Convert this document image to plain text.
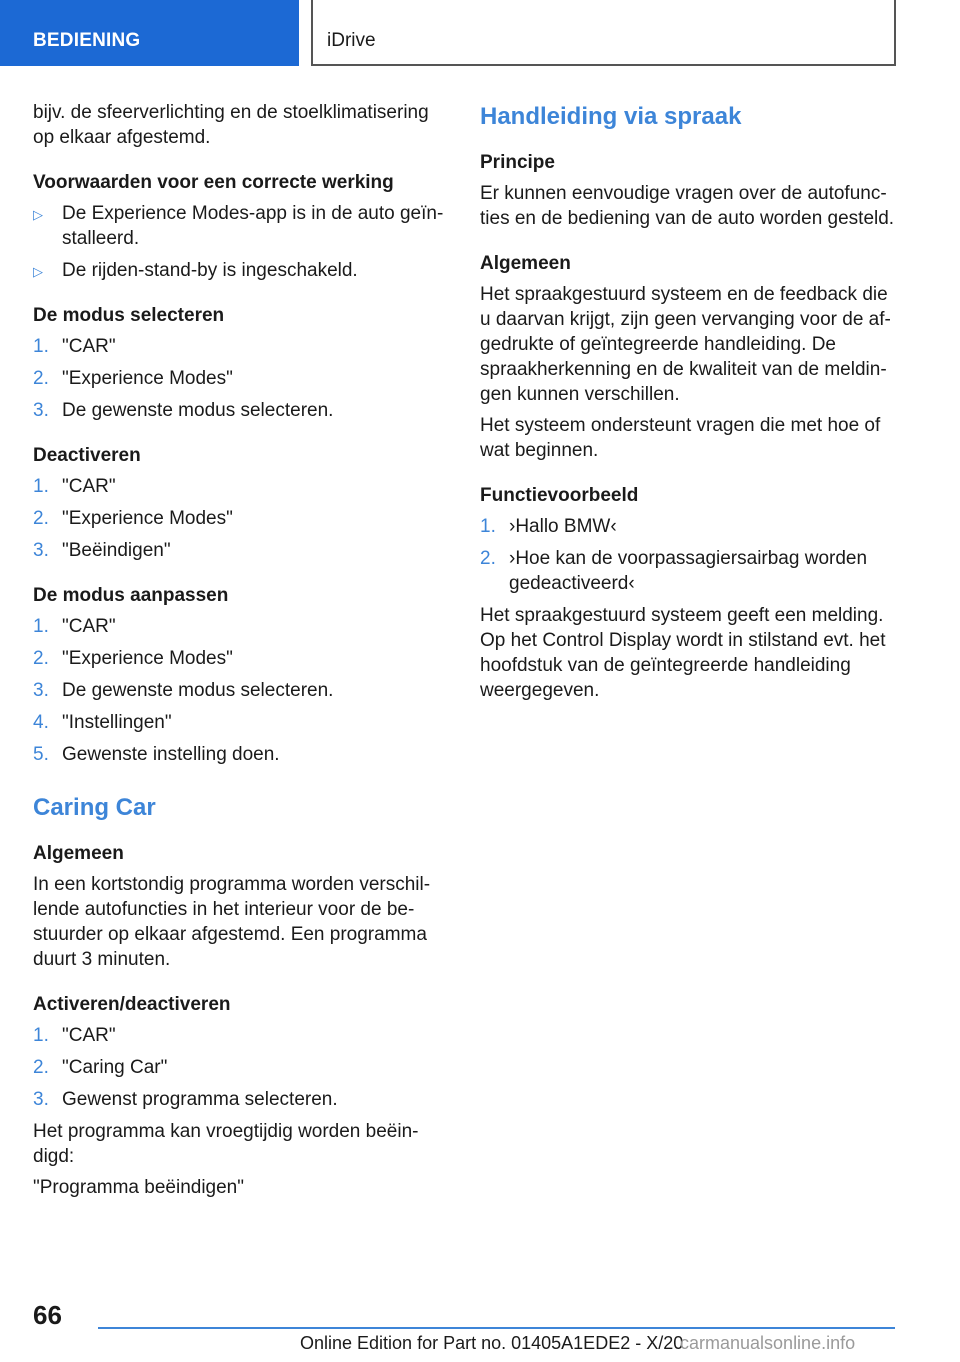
BEDIENING	iDrive

bijv. de sfeerverlichting en de stoelklimatisering op elkaar afgestemd.

Voorwaarden voor een correcte werking
▷ De Experience Modes-app is in de auto geïnstalleerd.
▷ De rijden-stand-by is ingeschakeld.
De modus selecteren
1. "CAR"
2. "Experience Modes"
3. De gewenste modus selecteren.
Deactiveren
1. "CAR"
2. "Experience Modes"
3. "Beëindigen"
De modus aanpassen
1. "CAR"
2. "Experience Modes"
3. De gewenste modus selecteren.
4. "Instellingen"
5. Gewenste instelling doen.
Caring Car
Algemeen

In een kortstondig programma worden verschillende autofuncties in het interieur voor de bestuurder op elkaar afgestemd. Een programma duurt 3 minuten.

Activeren/deactiveren
1. "CAR"
2. "Caring Car"
3. Gewenst programma selecteren.

Het programma kan vroegtijdig worden beëindigd:

"Programma beëindigen"

Handleiding via spraak
Principe

Er kunnen eenvoudige vragen over de autofuncties en de bediening van de auto worden gesteld.

Algemeen

Het spraakgestuurd systeem en de feedback die u daarvan krijgt, zijn geen vervanging voor de afgedrukte of geïntegreerde handleiding. De spraakherkenning en de kwaliteit van de meldingen kunnen verschillen.

Het systeem ondersteunt vragen die met hoe of wat beginnen.

Functievoorbeeld
1. ›Hallo BMW‹
2. ›Hoe kan de voorpassagiersairbag worden gedeactiveerd‹

Het spraakgestuurd systeem geeft een melding. Op het Control Display wordt in stilstand evt. het hoofdstuk van de geïntegreerde handleiding weergegeven.

66
Online Edition for Part no. 01405A1EDE2 - X/20
carmanualsonline.info
